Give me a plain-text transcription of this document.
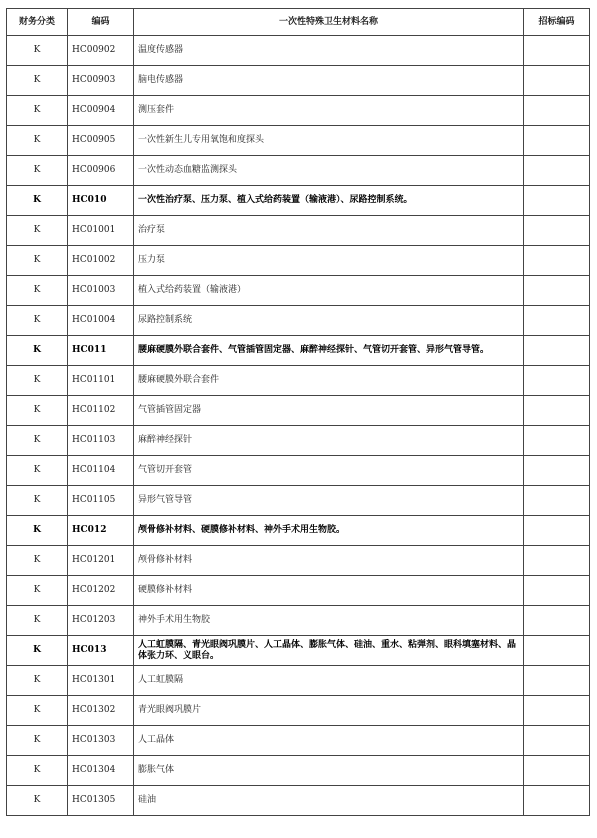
财务分类	编码	一次性特殊卫生材料名称	招标编码
K	HC00902	温度传感器	
K	HC00903	脑电传感器	
K	HC00904	测压套件	
K	HC00905	一次性新生儿专用氧饱和度探头	
K	HC00906	一次性动态血糖监测探头	
K	HC010	一次性治疗泵、压力泵、植入式给药装置（输液港）、尿路控制系统。	
K	HC01001	治疗泵	
K	HC01002	压力泵	
K	HC01003	植入式给药装置（输液港）	
K	HC01004	尿路控制系统	
K	HC011	腰麻硬膜外联合套件、气管插管固定器、麻醉神经探针、气管切开套管、异形气管导管。	
K	HC01101	腰麻硬膜外联合套件	
K	HC01102	气管插管固定器	
K	HC01103	麻醉神经探针	
K	HC01104	气管切开套管	
K	HC01105	异形气管导管	
K	HC012	颅骨修补材料、硬膜修补材料、神外手术用生物胶。	
K	HC01201	颅骨修补材料	
K	HC01202	硬膜修补材料	
K	HC01203	神外手术用生物胶	
K	HC013	人工虹膜隔、青光眼阀巩膜片、人工晶体、膨胀气体、硅油、重水、粘弹剂、眼科填塞材料、晶体张力环、义眼台。	
K	HC01301	人工虹膜隔	
K	HC01302	青光眼阀巩膜片	
K	HC01303	人工晶体	
K	HC01304	膨胀气体	
K	HC01305	硅油	
